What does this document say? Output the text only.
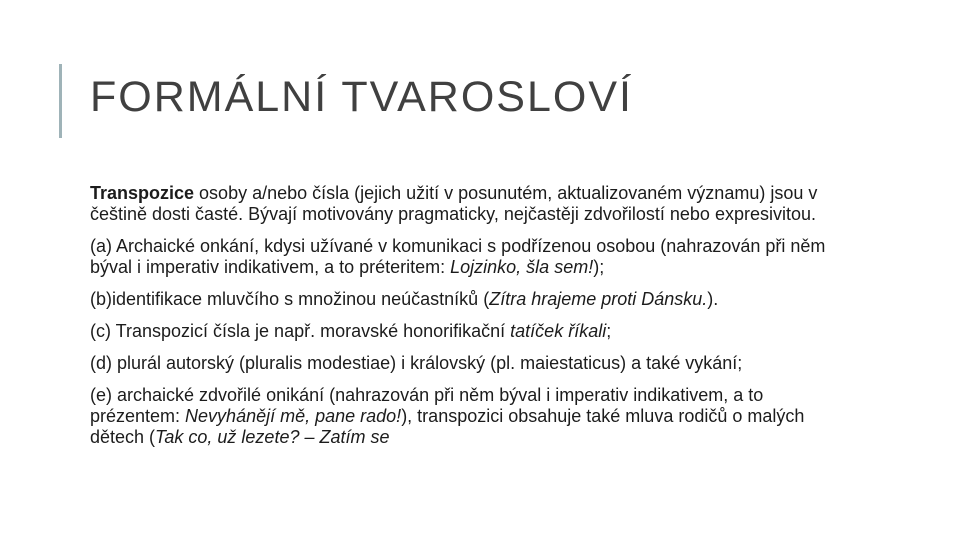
FORMÁLNÍ TVAROSLOVÍ

Transpozice osoby a/nebo čísla (jejich užití v posunutém, aktualizovaném významu) jsou v češtině dosti časté. Bývají motivovány pragmaticky, nejčastěji zdvořilostí nebo expresivitou.

(a) Archaické onkání, kdysi užívané v komunikaci s podřízenou osobou (nahrazován při něm býval i imperativ indikativem, a to préteritem: Lojzinko, šla sem!);

(b)identifikace mluvčího s množinou neúčastníků (Zítra hrajeme proti Dánsku.).

(c) Transpozicí čísla je např. moravské honorifikační tatíček říkali;

(d) plurál autorský (pluralis modestiae) i královský (pl. maiestaticus) a také vykání;

(e) archaické zdvořilé onikání (nahrazován při něm býval i imperativ indikativem, a to prézentem: Nevyhánějí mě, pane rado!), transpozici obsahuje také mluva rodičů o malých dětech (Tak co, už lezete? – Zatím se
